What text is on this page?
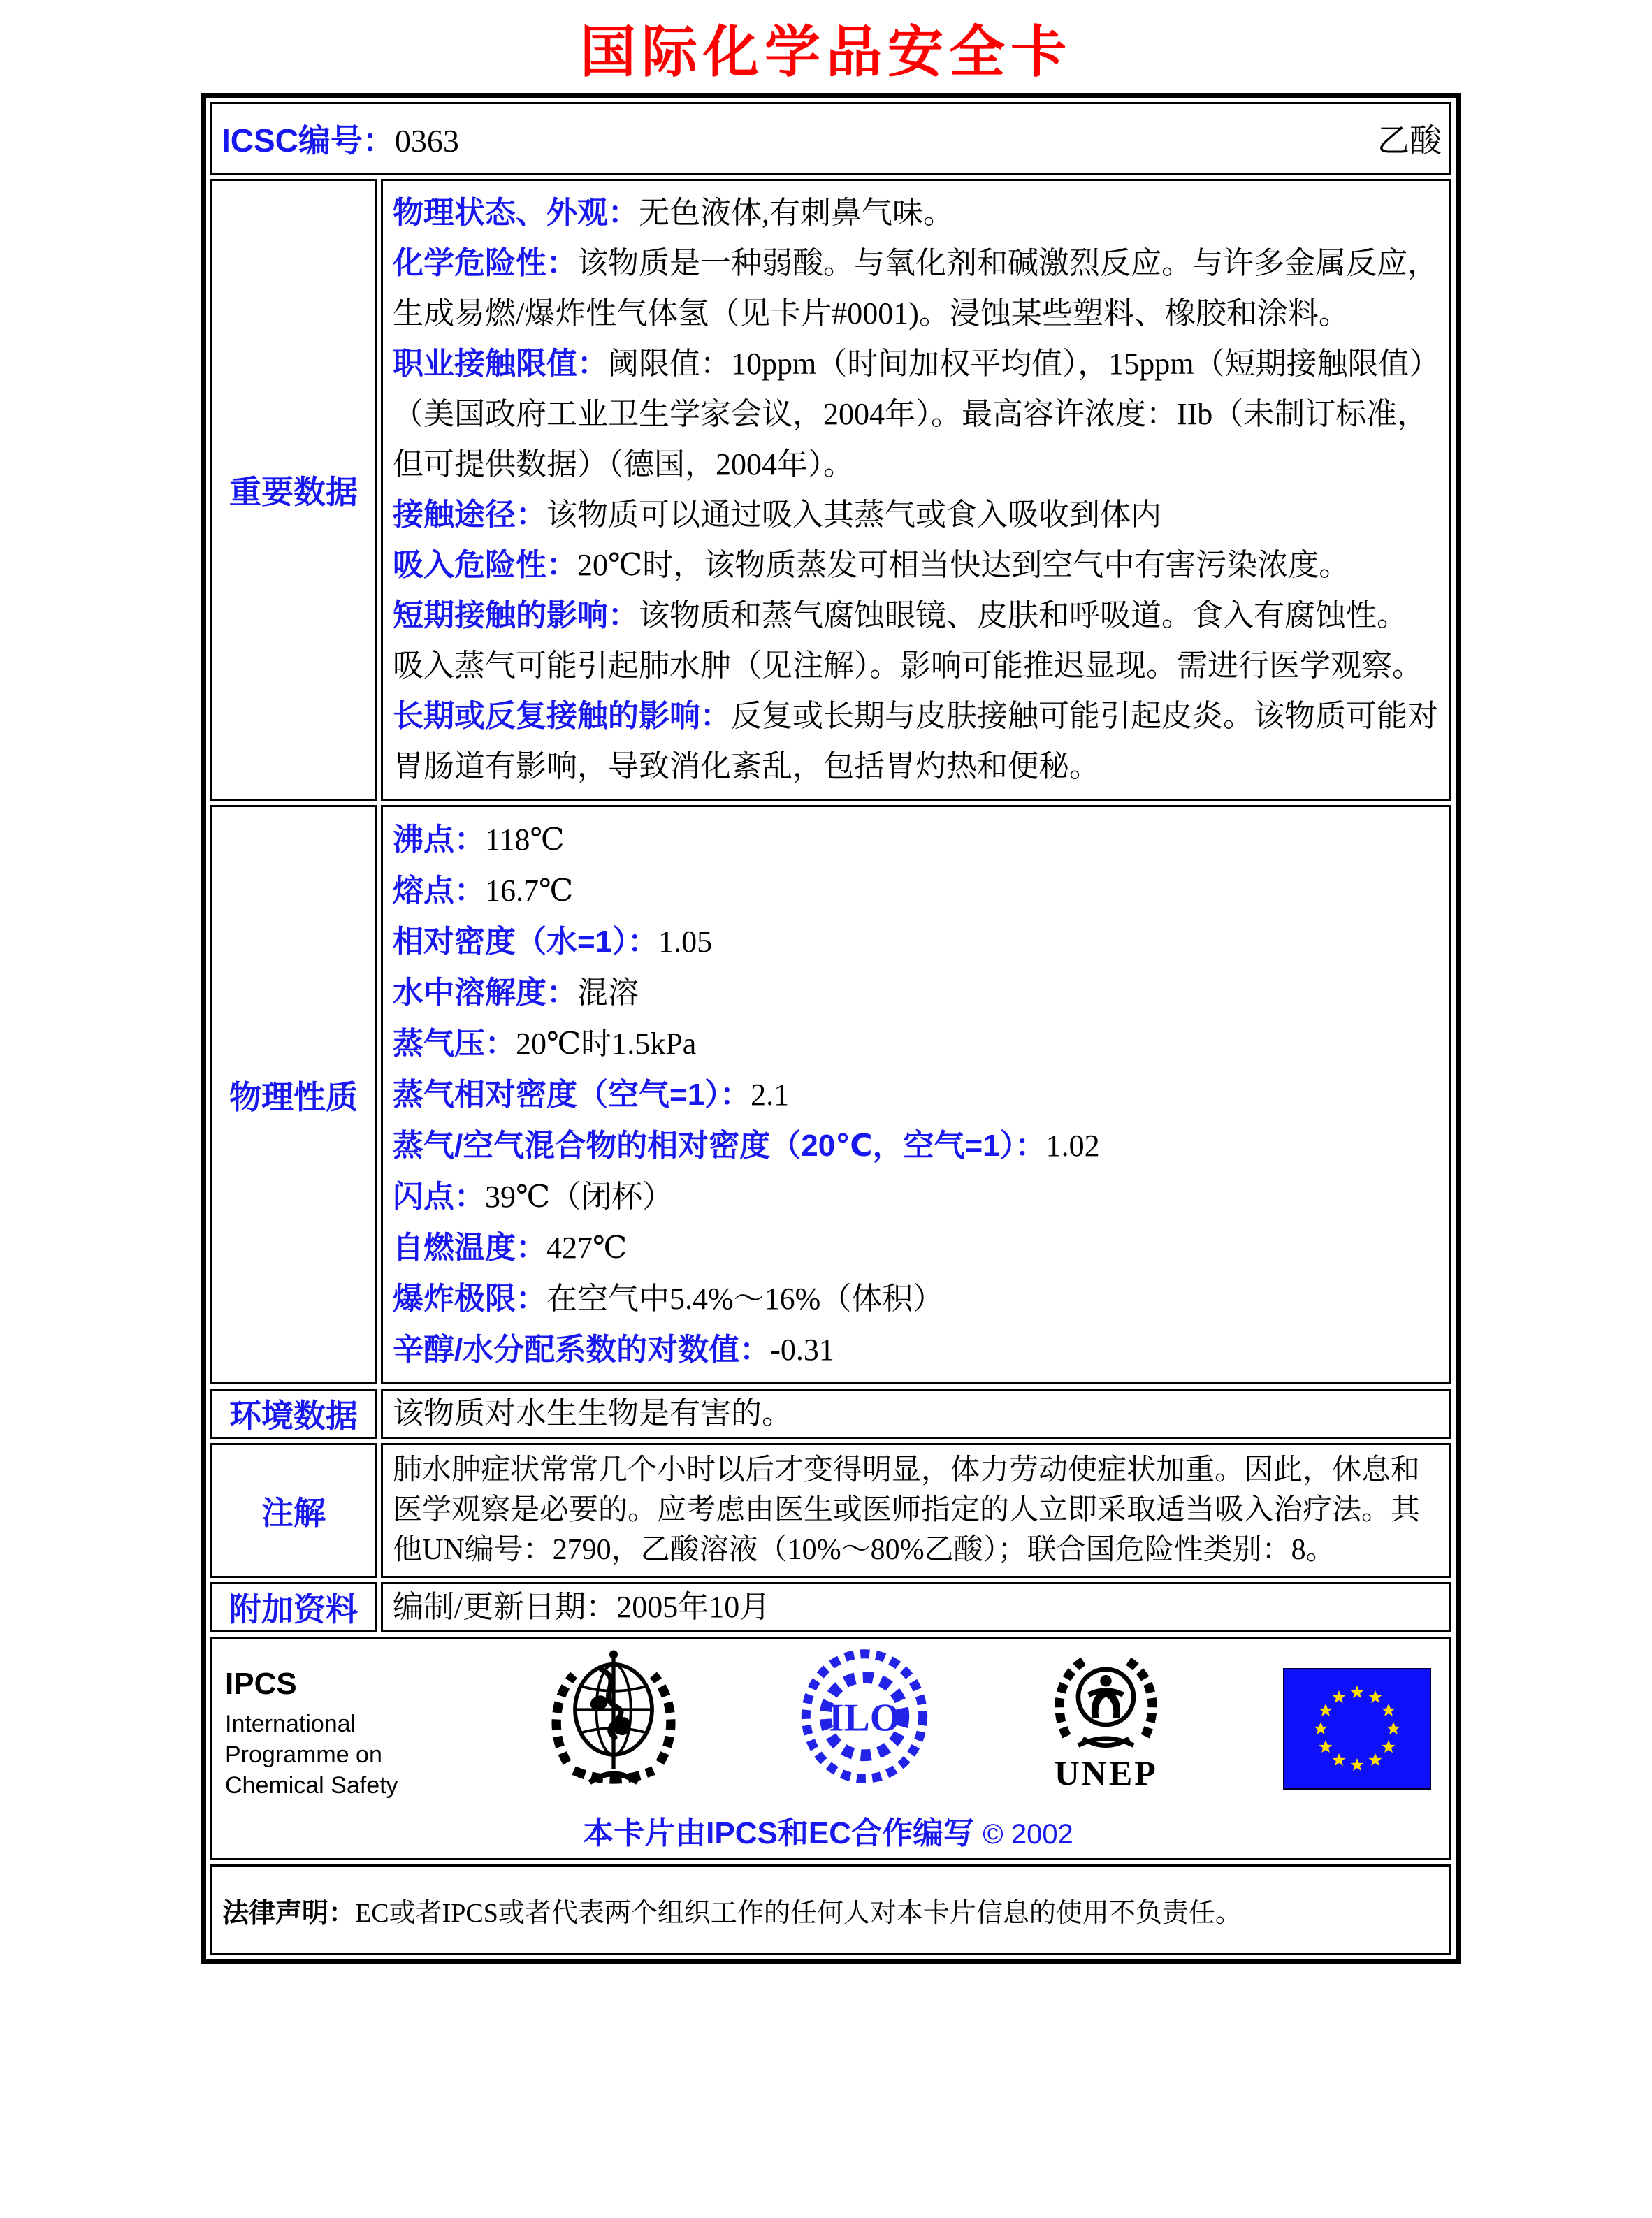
国际化学品安全卡
ICSC编号：0363 乙酸	

重要数据	
物理状态、外观：无色液体,有刺鼻气味。
化学危险性：该物质是一种弱酸。与氧化剂和碱激烈反应。与许多金属反应，生成易燃/爆炸性气体氢（见卡片#0001)。浸蚀某些塑料、橡胶和涂料。
职业接触限值：阈限值：10ppm（时间加权平均值），15ppm（短期接触限值）（美国政府工业卫生学家会议，2004年）。最高容许浓度：IIb（未制订标准，但可提供数据）（德国，2004年）。
接触途径：该物质可以通过吸入其蒸气或食入吸收到体内
吸入危险性：20℃时，该物质蒸发可相当快达到空气中有害污染浓度。
短期接触的影响：该物质和蒸气腐蚀眼镜、皮肤和呼吸道。食入有腐蚀性。 吸入蒸气可能引起肺水肿（见注解）。影响可能推迟显现。需进行医学观察。
长期或反复接触的影响：反复或长期与皮肤接触可能引起皮炎。该物质可能对胃肠道有影响，导致消化紊乱，包括胃灼热和便秘。

物理性质	
沸点：118℃
熔点：16.7℃
相对密度（水=1）：1.05
水中溶解度：混溶
蒸气压：20℃时1.5kPa
蒸气相对密度（空气=1）：2.1
蒸气/空气混合物的相对密度（20℃，空气=1）：1.02
闪点：39℃（闭杯）
自燃温度：427℃
爆炸极限：在空气中5.4%～16%（体积）
辛醇/水分配系数的对数值：-0.31

环境数据	该物质对水生生物是有害的。
注解	肺水肿症状常常几个小时以后才变得明显，体力劳动使症状加重。因此，休息和医学观察是必要的。应考虑由医生或医师指定的人立即采取适当吸入治疗法。其他UN编号：2790，乙酸溶液（10%～80%乙酸）；联合国危险性类别：8。
附加资料	编制/更新日期：2005年10月

IPCS
International
Programme on
Chemical Safety
ILO
UNEP
本卡片由IPCS和EC合作编写 © 2002

法律声明：EC或者IPCS或者代表两个组织工作的任何人对本卡片信息的使用不负责任。	
